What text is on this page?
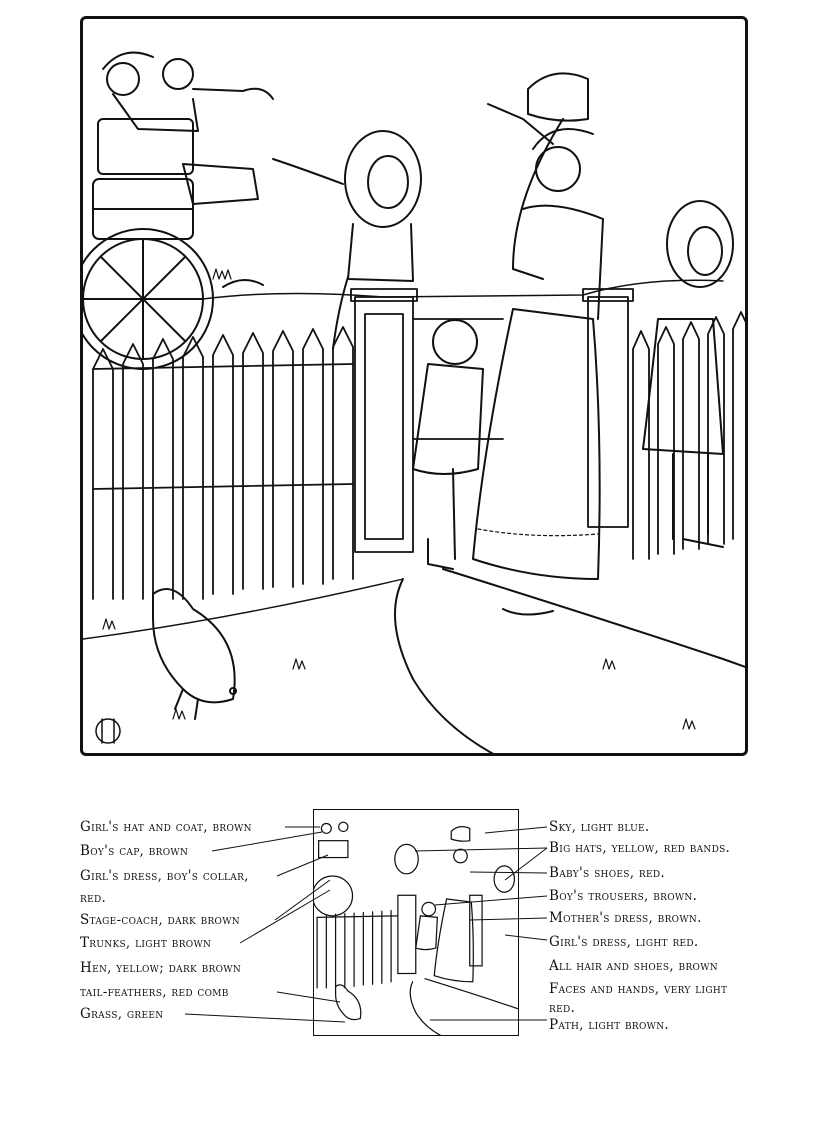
Girl's hat and coat, brown
Boy's cap, brown
Girl's dress, boy's collar,
red.
Stage-coach, dark brown
Trunks, light brown
Hen, yellow; dark brown
tail-feathers, red comb
Grass, green
Sky, light blue.
Big hats, yellow, red bands.
Baby's shoes, red.
Boy's trousers, brown.
Mother's dress, brown.
Girl's dress, light red.
All hair and shoes, brown
Faces and hands, very light
red.
Path, light brown.
